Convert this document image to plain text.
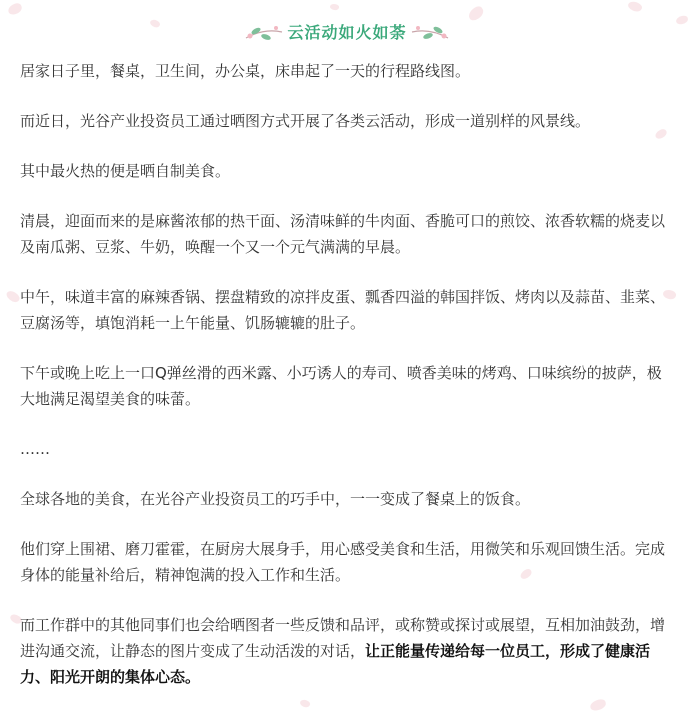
云活动如火如荼

居家日子里，餐桌，卫生间，办公桌，床串起了一天的行程路线图。

而近日，光谷产业投资员工通过晒图方式开展了各类云活动，形成一道别样的风景线。

其中最火热的便是晒自制美食。

清晨，迎面而来的是麻酱浓郁的热干面、汤清味鲜的牛肉面、香脆可口的煎饺、浓香软糯的烧麦以及南瓜粥、豆浆、牛奶，唤醒一个又一个元气满满的早晨。

中午，味道丰富的麻辣香锅、摆盘精致的凉拌皮蛋、瓢香四溢的韩国拌饭、烤肉以及蒜苗、韭菜、豆腐汤等，填饱消耗一上午能量、饥肠辘辘的肚子。

下午或晚上吃上一口Q弹丝滑的西米露、小巧诱人的寿司、喷香美味的烤鸡、口味缤纷的披萨，极大地满足渴望美食的味蕾。

……

全球各地的美食，在光谷产业投资员工的巧手中，一一变成了餐桌上的饭食。

他们穿上围裙、磨刀霍霍，在厨房大展身手，用心感受美食和生活，用微笑和乐观回馈生活。完成身体的能量补给后，精神饱满的投入工作和生活。

而工作群中的其他同事们也会给晒图者一些反馈和品评，或称赞或探讨或展望，互相加油鼓劲，增进沟通交流，让静态的图片变成了生动活泼的对话，让正能量传递给每一位员工，形成了健康活力、阳光开朗的集体心态。
